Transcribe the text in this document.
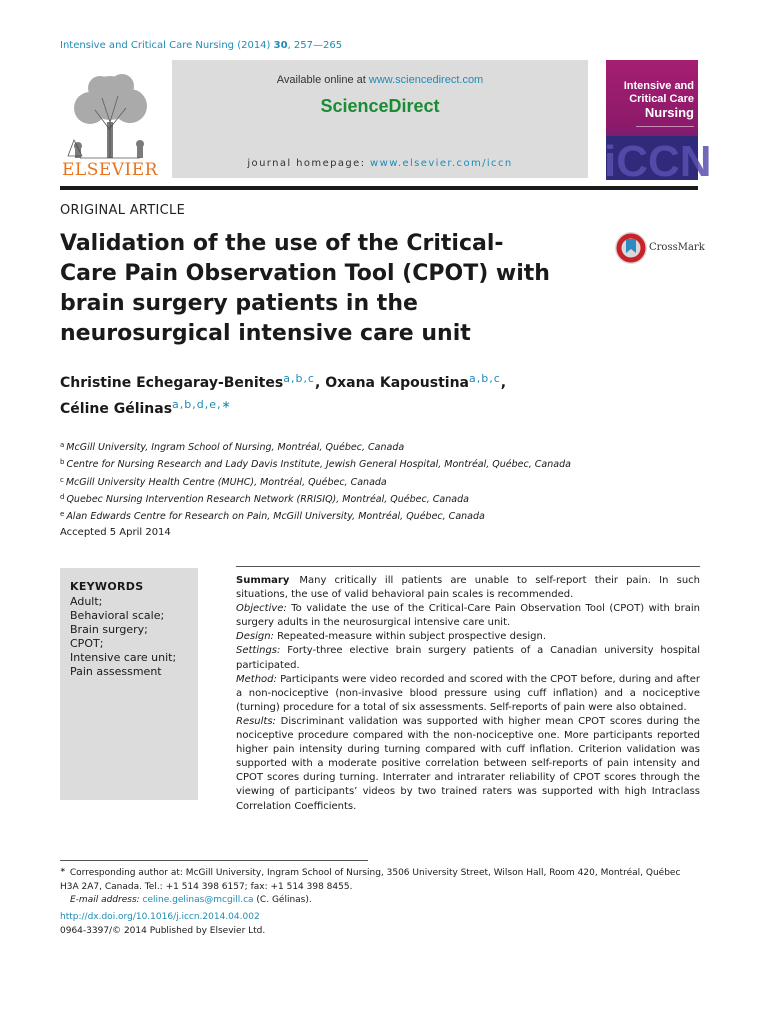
Intensive and Critical Care Nursing (2014) 30, 257—265
ELSEVIER
Available online at www.sciencedirect.com
ScienceDirect
journal homepage: www.elsevier.com/iccn
Intensive and
Critical Care
Nursing
iCCN
ORIGINAL ARTICLE
Validation of the use of the Critical-Care Pain Observation Tool (CPOT) with brain surgery patients in the neurosurgical intensive care unit
CrossMark
Christine Echegaray-Benites$^{a,b,c}$, Oxana Kapoustina$^{a,b,c}$,
Céline Gélinas$^{a,b,d,e,∗}$
$^a$ McGill University, Ingram School of Nursing, Montréal, Québec, Canada
$^b$ Centre for Nursing Research and Lady Davis Institute, Jewish General Hospital, Montréal, Québec, Canada
$^c$ McGill University Health Centre (MUHC), Montréal, Québec, Canada
$^d$ Quebec Nursing Intervention Research Network (RRISIQ), Montréal, Québec, Canada
$^e$ Alan Edwards Centre for Research on Pain, McGill University, Montréal, Québec, Canada
Accepted 5 April 2014
KEYWORDS
Adult;
Behavioral scale;
Brain surgery;
CPOT;
Intensive care unit;
Pain assessment
Summary Many critically ill patients are unable to self-report their pain. In such situations, the use of valid behavioral pain scales is recommended.
Objective: To validate the use of the Critical-Care Pain Observation Tool (CPOT) with brain surgery adults in the neurosurgical intensive care unit.
Design: Repeated-measure within subject prospective design.
Settings: Forty-three elective brain surgery patients of a Canadian university hospital participated.
Method: Participants were video recorded and scored with the CPOT before, during and after a non-nociceptive (non-invasive blood pressure using cuff inflation) and a nociceptive (turning) procedure for a total of six assessments. Self-reports of pain were also obtained.
Results: Discriminant validation was supported with higher mean CPOT scores during the nociceptive procedure compared with the non-nociceptive one. More participants reported higher pain intensity during turning compared with cuff inflation. Criterion validation was supported with a moderate positive correlation between self-reports of pain intensity and CPOT scores during turning. Interrater and intrarater reliability of CPOT scores through the viewing of participants’ videos by two trained raters was supported with high Intraclass Correlation Coefficients.
∗ Corresponding author at: McGill University, Ingram School of Nursing, 3506 University Street, Wilson Hall, Room 420, Montréal, Québec H3A 2A7, Canada. Tel.: +1 514 398 6157; fax: +1 514 398 8455.
E-mail address: celine.gelinas@mcgill.ca (C. Gélinas).
http://dx.doi.org/10.1016/j.iccn.2014.04.002
0964-3397/© 2014 Published by Elsevier Ltd.
